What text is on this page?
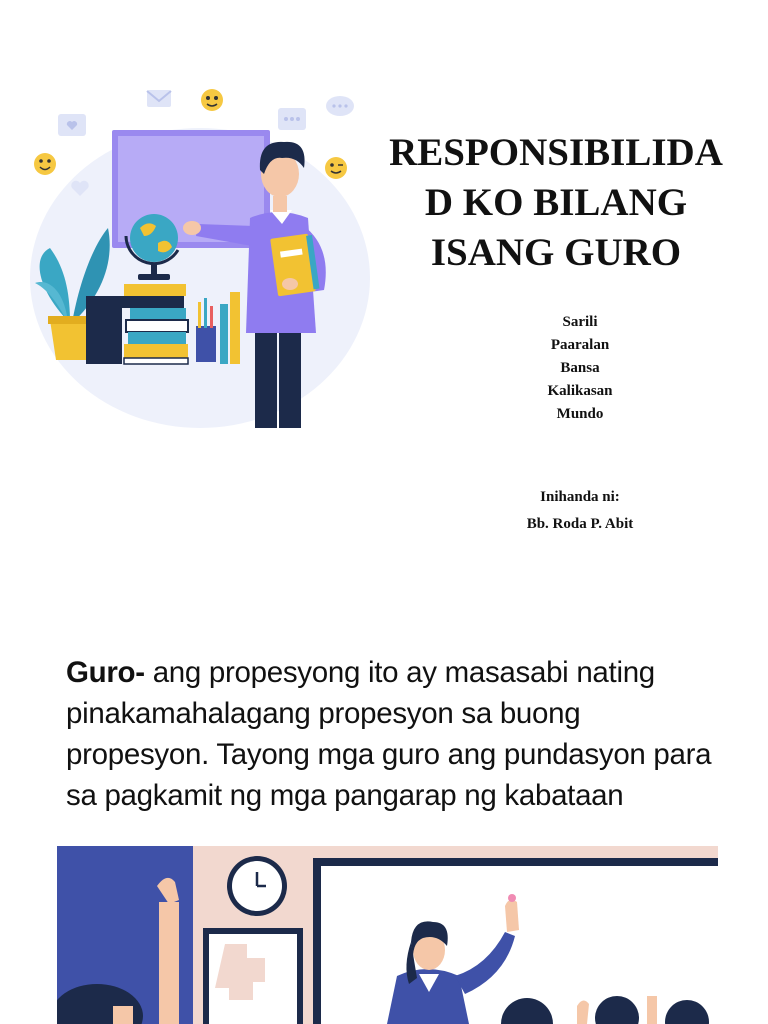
RESPONSIBILIDA
D KO BILANG
ISANG GURO
Sarili
Paaralan
Bansa
Kalikasan
Mundo
Inihanda ni:
Bb. Roda P. Abit

Guro- ang propesyong ito ay masasabi nating pinakamahalagang propesyon sa buong propesyon. Tayong mga guro ang pundasyon para sa pagkamit ng mga pangarap ng kabataan
